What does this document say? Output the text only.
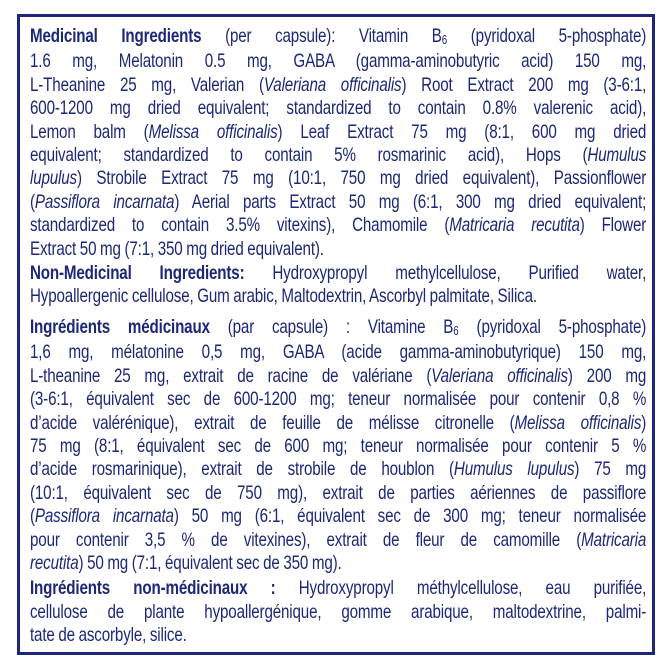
Medicinal Ingredients (per capsule): Vitamin B6 (pyridoxal 5-phosphate)
1.6 mg, Melatonin 0.5 mg, GABA (gamma-aminobutyric acid) 150 mg,
L-Theanine 25 mg, Valerian (Valeriana officinalis) Root Extract 200 mg (3-6:1,
600-1200 mg dried equivalent; standardized to contain 0.8% valerenic acid),
Lemon balm (Melissa officinalis) Leaf Extract 75 mg (8:1, 600 mg dried
equivalent; standardized to contain 5% rosmarinic acid), Hops (Humulus
lupulus) Strobile Extract 75 mg (10:1, 750 mg dried equivalent), Passionflower
(Passiflora incarnata) Aerial parts Extract 50 mg (6:1, 300 mg dried equivalent;
standardized to contain 3.5% vitexins), Chamomile (Matricaria recutita) Flower
Extract 50 mg (7:1, 350 mg dried equivalent).
Non-Medicinal Ingredients: Hydroxypropyl methylcellulose, Purified water,
Hypoallergenic cellulose, Gum arabic, Maltodextrin, Ascorbyl palmitate, Silica.
Ingrédients médicinaux (par capsule) : Vitamine B6 (pyridoxal 5-phosphate)
1,6 mg, mélatonine 0,5 mg, GABA (acide gamma-aminobutyrique) 150 mg,
L-theanine 25 mg, extrait de racine de valériane (Valeriana officinalis) 200 mg
(3-6:1, équivalent sec de 600-1200 mg; teneur normalisée pour contenir 0,8 %
d’acide valérénique), extrait de feuille de mélisse citronelle (Melissa officinalis)
75 mg (8:1, équivalent sec de 600 mg; teneur normalisée pour contenir 5 %
d’acide rosmarinique), extrait de strobile de houblon (Humulus lupulus) 75 mg
(10:1, équivalent sec de 750 mg), extrait de parties aériennes de passiflore
(Passiflora incarnata) 50 mg (6:1, équivalent sec de 300 mg; teneur normalisée
pour contenir 3,5 % de vitexines), extrait de fleur de camomille (Matricaria
recutita) 50 mg (7:1, équivalent sec de 350 mg).
Ingrédients non-médicinaux : Hydroxypropyl méthylcellulose, eau purifiée,
cellulose de plante hypoallergénique, gomme arabique, maltodextrine, palmi-
tate de ascorbyle, silice.
